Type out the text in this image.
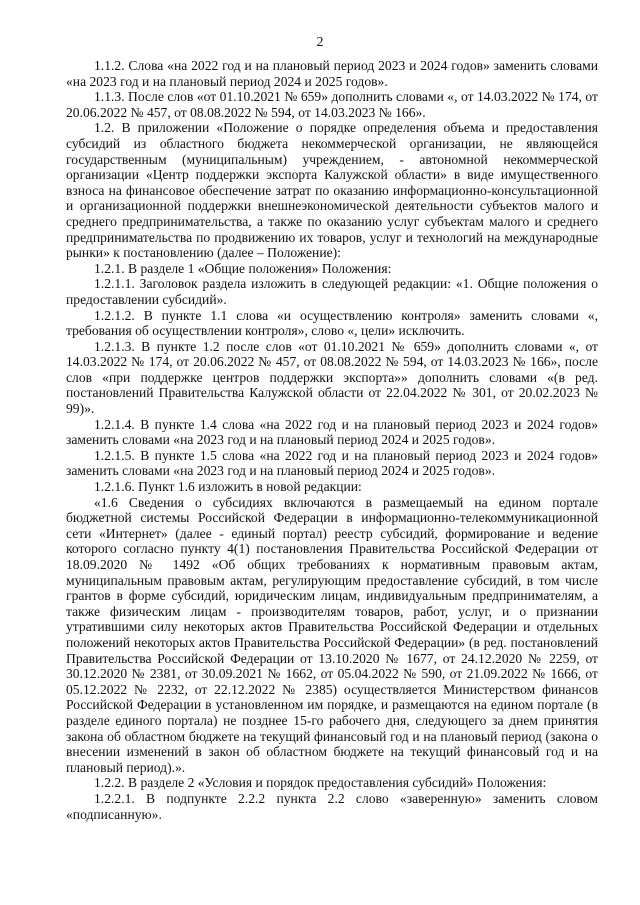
2

1.1.2. Слова «на 2022 год и на плановый период 2023 и 2024 годов» заменить словами «на 2023 год и на плановый период 2024 и 2025 годов».

1.1.3. После слов «от 01.10.2021 № 659» дополнить словами «, от 14.03.2022 № 174, от 20.06.2022 № 457, от 08.08.2022 № 594, от 14.03.2023 № 166».

1.2. В приложении «Положение о порядке определения объема и предоставления субсидий из областного бюджета некоммерческой организации, не являющейся государственным (муниципальным) учреждением, - автономной некоммерческой организации «Центр поддержки экспорта Калужской области» в виде имущественного взноса на финансовое обеспечение затрат по оказанию информационно-консультационной и организационной поддержки внешнеэкономической деятельности субъектов малого и среднего предпринимательства, а также по оказанию услуг субъектам малого и среднего предпринимательства по продвижению их товаров, услуг и технологий на международные рынки» к постановлению (далее – Положение):

1.2.1. В разделе 1 «Общие положения» Положения:

1.2.1.1. Заголовок раздела изложить в следующей редакции: «1. Общие положения о предоставлении субсидий».

1.2.1.2. В пункте 1.1 слова «и осуществлению контроля» заменить словами «, требования об осуществлении контроля», слово «, цели» исключить.

1.2.1.3. В пункте 1.2 после слов «от 01.10.2021 № 659» дополнить словами «, от 14.03.2022 № 174, от 20.06.2022 № 457, от 08.08.2022 № 594, от 14.03.2023 № 166», после слов «при поддержке центров поддержки экспорта»» дополнить словами «(в ред. постановлений Правительства Калужской области от 22.04.2022 № 301, от 20.02.2023 № 99)».

1.2.1.4. В пункте 1.4 слова «на 2022 год и на плановый период 2023 и 2024 годов» заменить словами «на 2023 год и на плановый период 2024 и 2025 годов».

1.2.1.5. В пункте 1.5 слова «на 2022 год и на плановый период 2023 и 2024 годов» заменить словами «на 2023 год и на плановый период 2024 и 2025 годов».

1.2.1.6. Пункт 1.6 изложить в новой редакции:

«1.6 Сведения о субсидиях включаются в размещаемый на едином портале бюджетной системы Российской Федерации в информационно-телекоммуникационной сети «Интернет» (далее - единый портал) реестр субсидий, формирование и ведение которого согласно пункту 4(1) постановления Правительства Российской Федерации от 18.09.2020 № 1492 «Об общих требованиях к нормативным правовым актам, муниципальным правовым актам, регулирующим предоставление субсидий, в том числе грантов в форме субсидий, юридическим лицам, индивидуальным предпринимателям, а также физическим лицам - производителям товаров, работ, услуг, и о признании утратившими силу некоторых актов Правительства Российской Федерации и отдельных положений некоторых актов Правительства Российской Федерации» (в ред. постановлений Правительства Российской Федерации от 13.10.2020 № 1677, от 24.12.2020 № 2259, от 30.12.2020 № 2381, от 30.09.2021 № 1662, от 05.04.2022 № 590, от 21.09.2022 № 1666, от 05.12.2022 № 2232, от 22.12.2022 № 2385) осуществляется Министерством финансов Российской Федерации в установленном им порядке, и размещаются на едином портале (в разделе единого портала) не позднее 15-го рабочего дня, следующего за днем принятия закона об областном бюджете на текущий финансовый год и на плановый период (закона о внесении изменений в закон об областном бюджете на текущий финансовый год и на плановый период).».

1.2.2. В разделе 2 «Условия и порядок предоставления субсидий» Положения:

1.2.2.1. В подпункте 2.2.2 пункта 2.2 слово «заверенную» заменить словом «подписанную».
